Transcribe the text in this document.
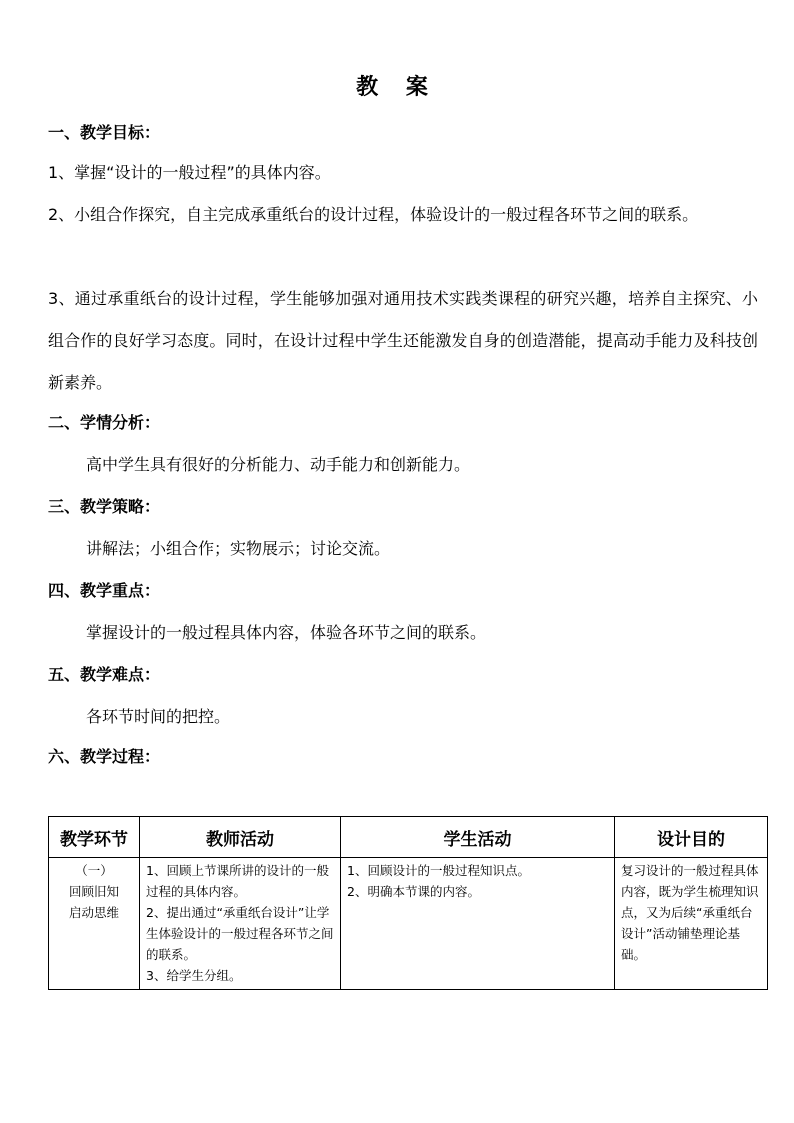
教 案
一、教学目标：
1、掌握“设计的一般过程”的具体内容。
2、小组合作探究，自主完成承重纸台的设计过程，体验设计的一般过程各环节之间的联系。
3、通过承重纸台的设计过程，学生能够加强对通用技术实践类课程的研究兴趣，培养自主探究、小组合作的良好学习态度。同时，在设计过程中学生还能激发自身的创造潜能，提高动手能力及科技创新素养。
二、学情分析：
高中学生具有很好的分析能力、动手能力和创新能力。
三、教学策略：
讲解法；小组合作；实物展示；讨论交流。
四、教学重点：
掌握设计的一般过程具体内容，体验各环节之间的联系。
五、教学难点：
各环节时间的把控。
六、教学过程：
教学环节	教师活动	学生活动	设计目的

（一）
回顾旧知
启动思维	1、回顾上节课所讲的设计的一般过程的具体内容。
2、提出通过“承重纸台设计”让学生体验设计的一般过程各环节之间的联系。
3、给学生分组。	1、回顾设计的一般过程知识点。
2、明确本节课的内容。	复习设计的一般过程具体内容，既为学生梳理知识点，又为后续“承重纸台设计”活动铺垫理论基础。
